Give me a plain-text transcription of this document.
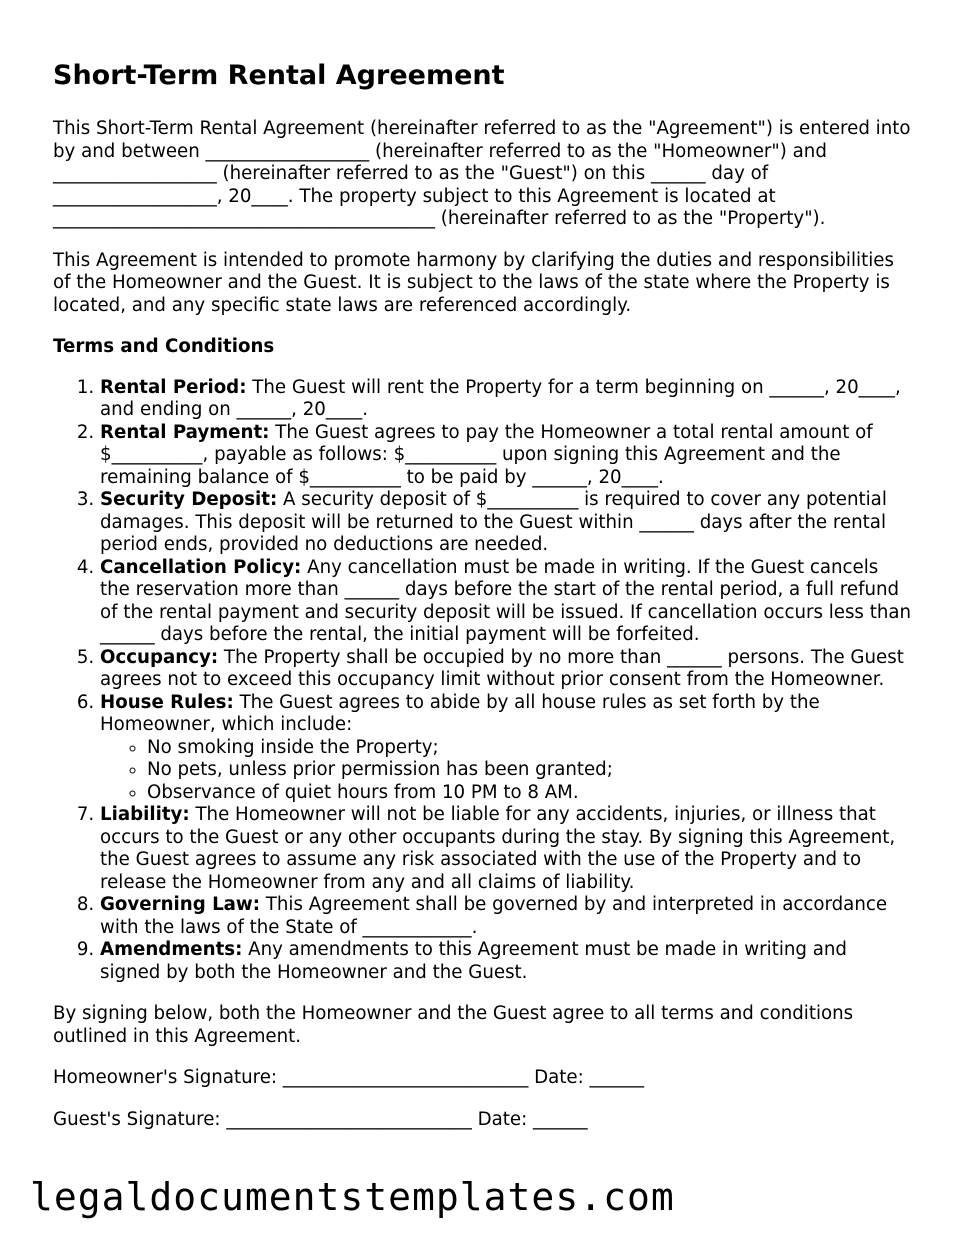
Short-Term Rental Agreement

This Short-Term Rental Agreement (hereinafter referred to as the "Agreement") is entered into by and between __________________ (hereinafter referred to as the "Homeowner") and __________________ (hereinafter referred to as the "Guest") on this ______ day of __________________, 20____. The property subject to this Agreement is located at __________________________________________ (hereinafter referred to as the "Property").

This Agreement is intended to promote harmony by clarifying the duties and responsibilities of the Homeowner and the Guest. It is subject to the laws of the state where the Property is located, and any specific state laws are referenced accordingly.

Terms and Conditions
1. Rental Period: The Guest will rent the Property for a term beginning on ______, 20____, and ending on ______, 20____.
2. Rental Payment: The Guest agrees to pay the Homeowner a total rental amount of $__________, payable as follows: $__________ upon signing this Agreement and the remaining balance of $__________ to be paid by ______, 20____.
3. Security Deposit: A security deposit of $__________ is required to cover any potential damages. This deposit will be returned to the Guest within ______ days after the rental period ends, provided no deductions are needed.
4. Cancellation Policy: Any cancellation must be made in writing. If the Guest cancels the reservation more than ______ days before the start of the rental period, a full refund of the rental payment and security deposit will be issued. If cancellation occurs less than ______ days before the rental, the initial payment will be forfeited.
5. Occupancy: The Property shall be occupied by no more than ______ persons. The Guest agrees not to exceed this occupancy limit without prior consent from the Homeowner.
6. House Rules: The Guest agrees to abide by all house rules as set forth by the Homeowner, which include:
◦ No smoking inside the Property;
◦ No pets, unless prior permission has been granted;
◦ Observance of quiet hours from 10 PM to 8 AM.
7. Liability: The Homeowner will not be liable for any accidents, injuries, or illness that occurs to the Guest or any other occupants during the stay. By signing this Agreement, the Guest agrees to assume any risk associated with the use of the Property and to release the Homeowner from any and all claims of liability.
8. Governing Law: This Agreement shall be governed by and interpreted in accordance with the laws of the State of ____________.
9. Amendments: Any amendments to this Agreement must be made in writing and signed by both the Homeowner and the Guest.

By signing below, both the Homeowner and the Guest agree to all terms and conditions outlined in this Agreement.

Homeowner's Signature: ___________________________ Date: ______
Guest's Signature: ___________________________ Date: ______
legaldocumentstemplates.com
